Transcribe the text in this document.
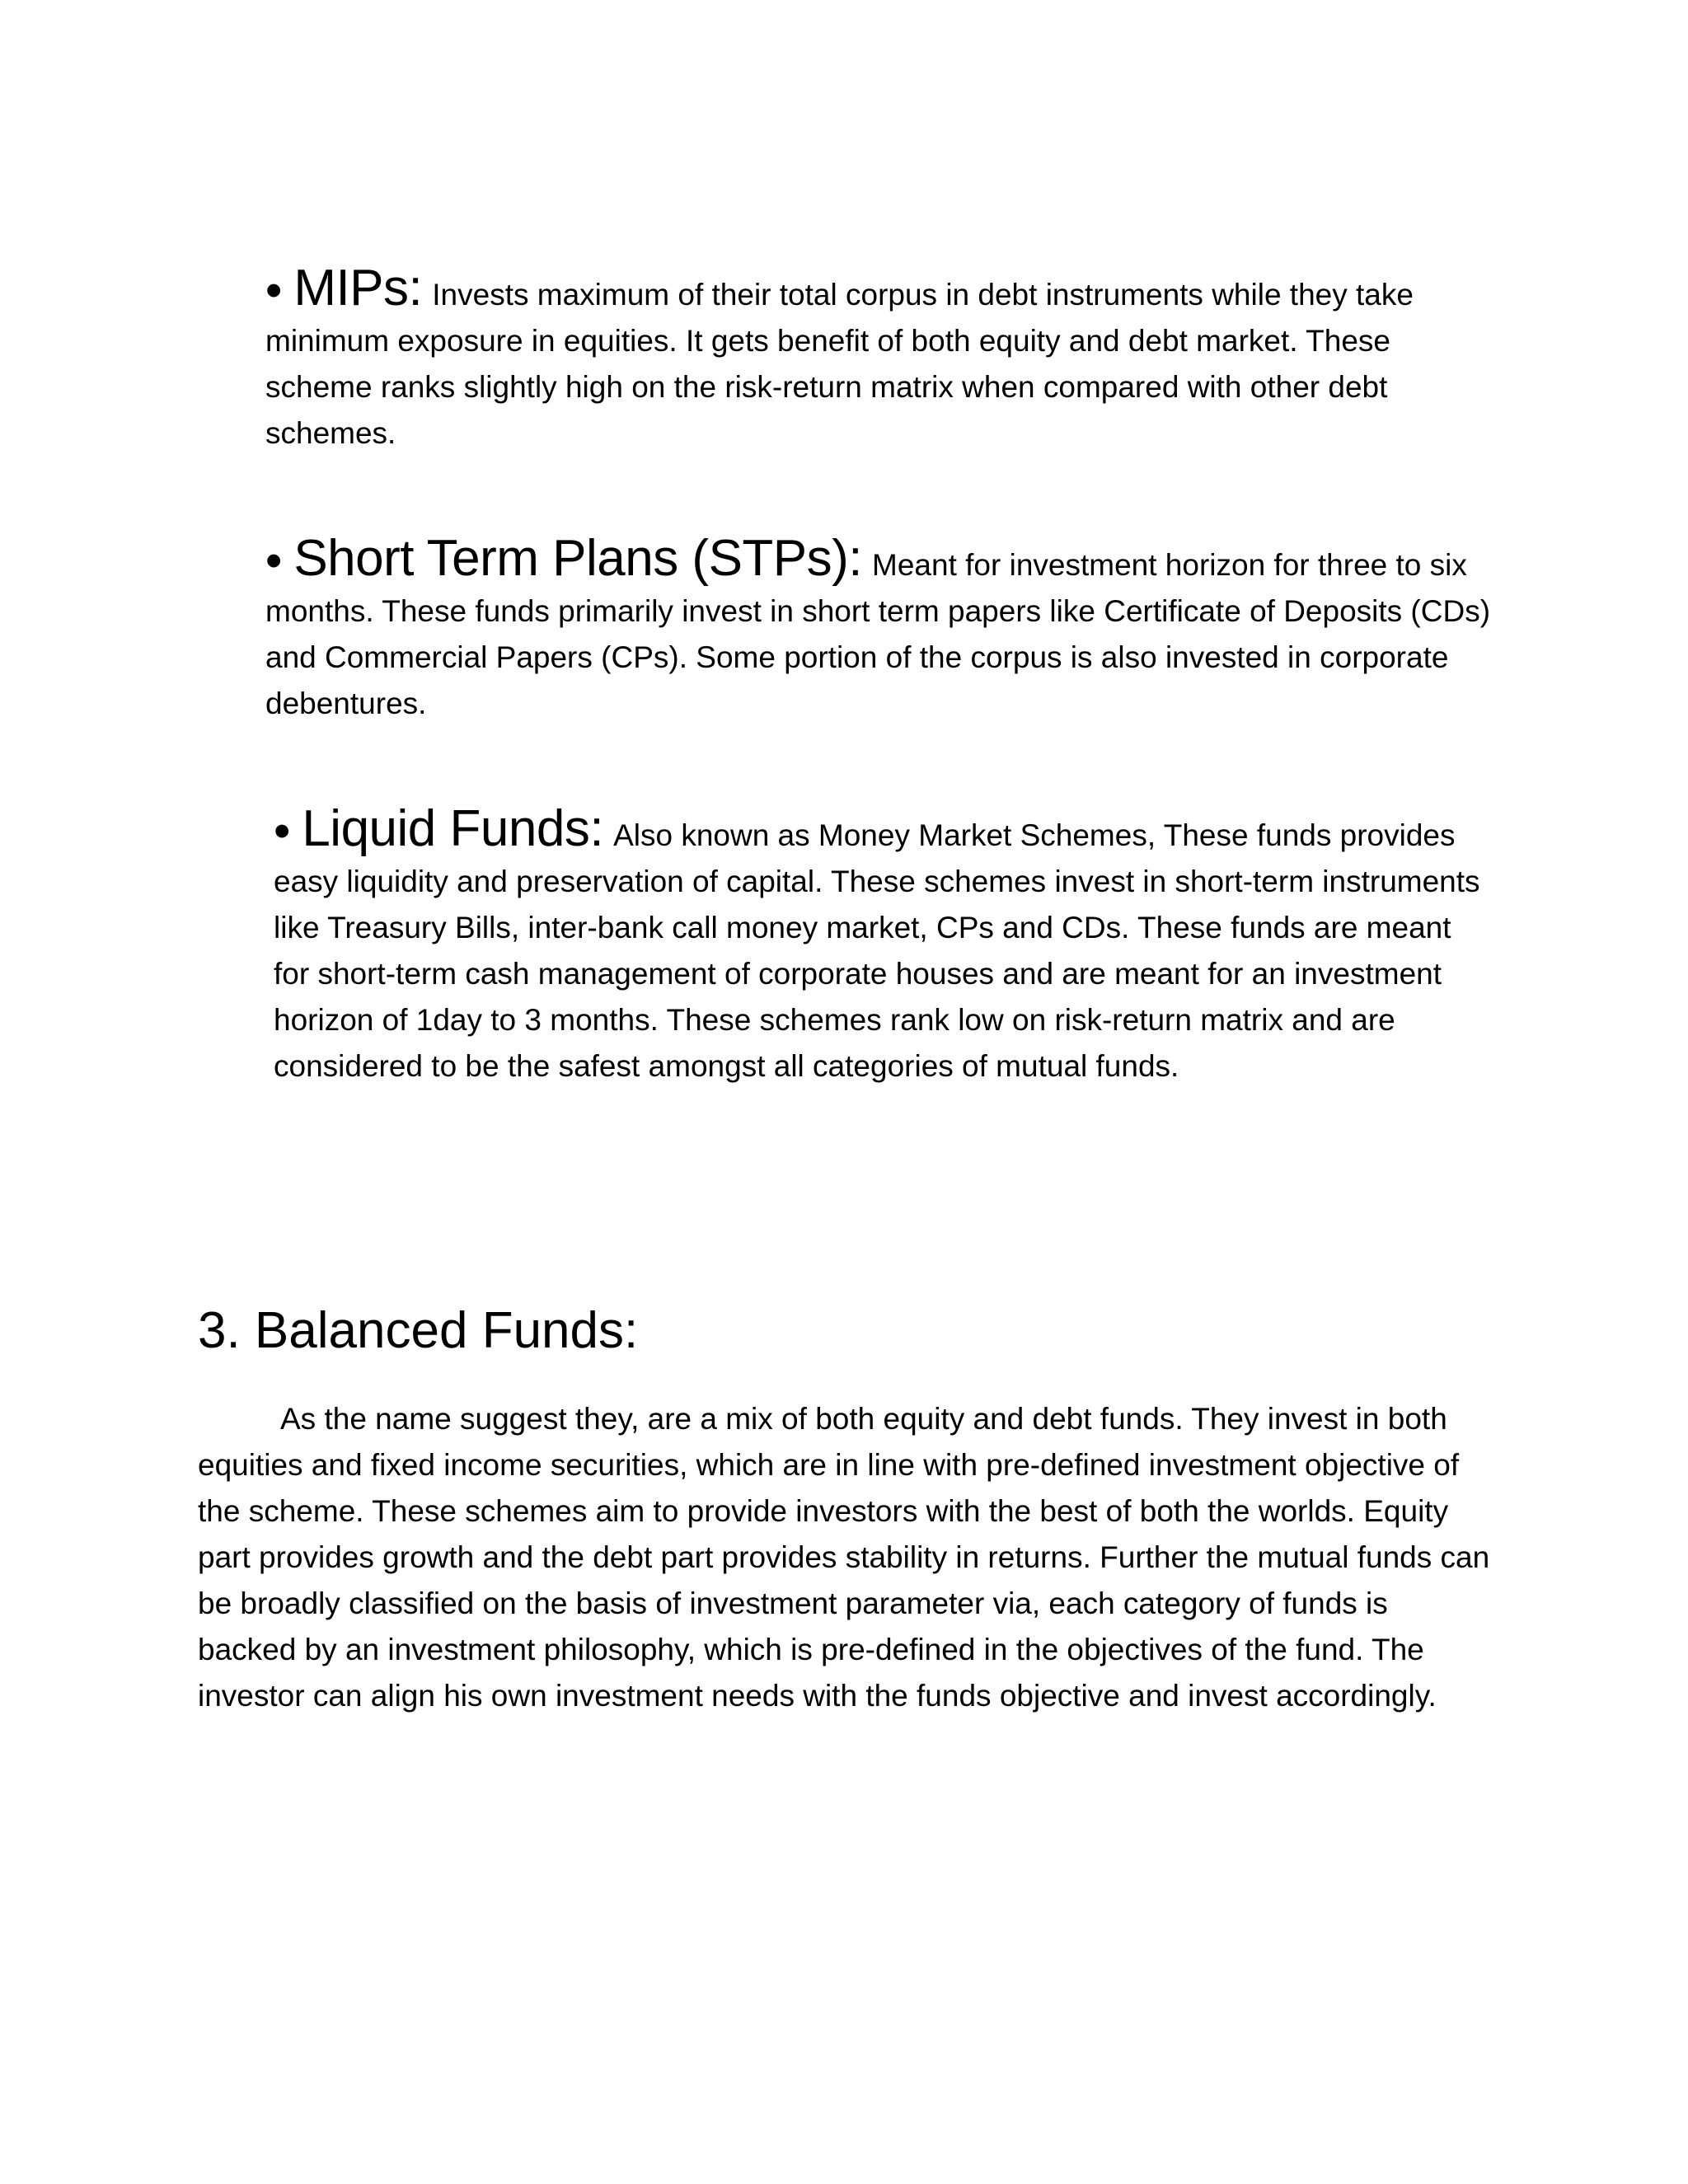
• MIPs: Invests maximum of their total corpus in debt instruments while they take minimum exposure in equities. It gets benefit of both equity and debt market. These scheme ranks slightly high on the risk-return matrix when compared with other debt schemes.

• Short Term Plans (STPs): Meant for investment horizon for three to six months. These funds primarily invest in short term papers like Certificate of Deposits (CDs) and Commercial Papers (CPs). Some portion of the corpus is also invested in corporate debentures.

• Liquid Funds: Also known as Money Market Schemes, These funds provides easy liquidity and preservation of capital. These schemes invest in short-term instruments like Treasury Bills, inter-bank call money market, CPs and CDs. These funds are meant for short-term cash management of corporate houses and are meant for an investment horizon of 1day to 3 months. These schemes rank low on risk-return matrix and are considered to be the safest amongst all categories of mutual funds.

3. Balanced Funds:

As the name suggest they, are a mix of both equity and debt funds. They invest in both equities and fixed income securities, which are in line with pre-defined investment objective of the scheme. These schemes aim to provide investors with the best of both the worlds. Equity part provides growth and the debt part provides stability in returns. Further the mutual funds can be broadly classified on the basis of investment parameter via, each category of funds is backed by an investment philosophy, which is pre-defined in the objectives of the fund. The investor can align his own investment needs with the funds objective and invest accordingly.
